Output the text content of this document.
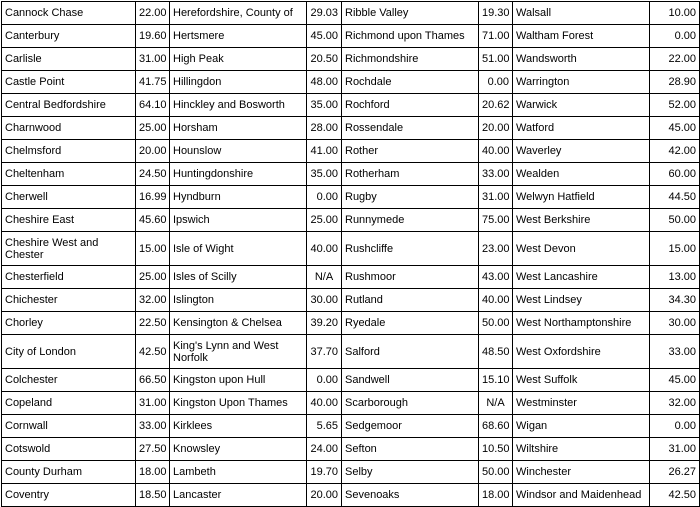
Cannock Chase	22.00	Herefordshire, County of	29.03	Ribble Valley	19.30	Walsall	10.00
Canterbury	19.60	Hertsmere	45.00	Richmond upon Thames	71.00	Waltham Forest	0.00
Carlisle	31.00	High Peak	20.50	Richmondshire	51.00	Wandsworth	22.00
Castle Point	41.75	Hillingdon	48.00	Rochdale	0.00	Warrington	28.90
Central Bedfordshire	64.10	Hinckley and Bosworth	35.00	Rochford	20.62	Warwick	52.00
Charnwood	25.00	Horsham	28.00	Rossendale	20.00	Watford	45.00
Chelmsford	20.00	Hounslow	41.00	Rother	40.00	Waverley	42.00
Cheltenham	24.50	Huntingdonshire	35.00	Rotherham	33.00	Wealden	60.00
Cherwell	16.99	Hyndburn	0.00	Rugby	31.00	Welwyn Hatfield	44.50
Cheshire East	45.60	Ipswich	25.00	Runnymede	75.00	West Berkshire	50.00
Cheshire West and Chester	15.00	Isle of Wight	40.00	Rushcliffe	23.00	West Devon	15.00
Chesterfield	25.00	Isles of Scilly	N/A	Rushmoor	43.00	West Lancashire	13.00
Chichester	32.00	Islington	30.00	Rutland	40.00	West Lindsey	34.30
Chorley	22.50	Kensington & Chelsea	39.20	Ryedale	50.00	West Northamptonshire	30.00
City of London	42.50	King's Lynn and West Norfolk	37.70	Salford	48.50	West Oxfordshire	33.00
Colchester	66.50	Kingston upon Hull	0.00	Sandwell	15.10	West Suffolk	45.00
Copeland	31.00	Kingston Upon Thames	40.00	Scarborough	N/A	Westminster	32.00
Cornwall	33.00	Kirklees	5.65	Sedgemoor	68.60	Wigan	0.00
Cotswold	27.50	Knowsley	24.00	Sefton	10.50	Wiltshire	31.00
County Durham	18.00	Lambeth	19.70	Selby	50.00	Winchester	26.27
Coventry	18.50	Lancaster	20.00	Sevenoaks	18.00	Windsor and Maidenhead	42.50
